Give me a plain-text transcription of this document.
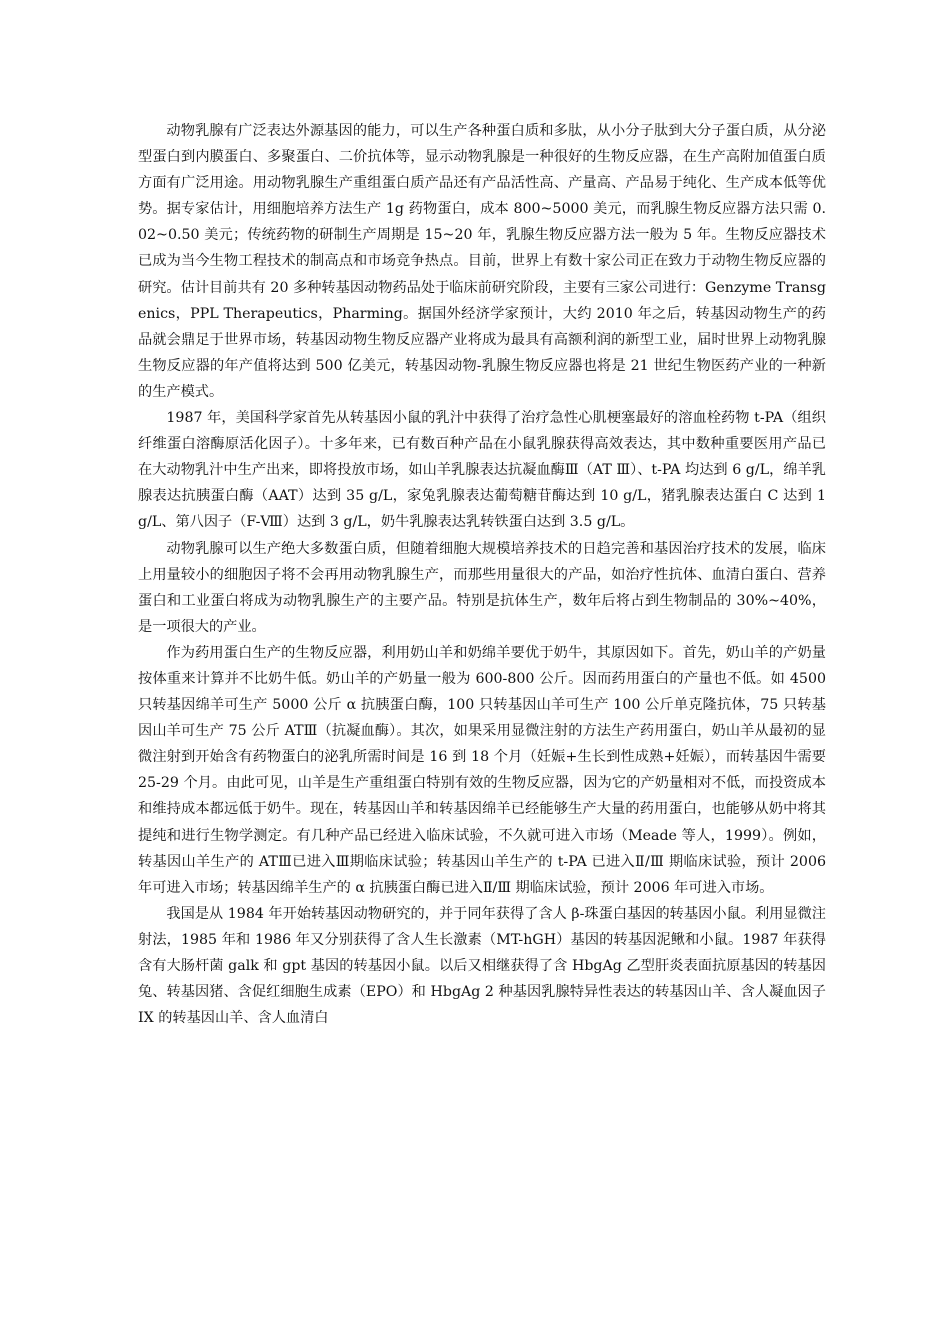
动物乳腺有广泛表达外源基因的能力，可以生产各种蛋白质和多肽，从小分子肽到大分子蛋白质，从分泌型蛋白到内膜蛋白、多聚蛋白、二价抗体等，显示动物乳腺是一种很好的生物反应器，在生产高附加值蛋白质方面有广泛用途。用动物乳腺生产重组蛋白质产品还有产品活性高、产量高、产品易于纯化、生产成本低等优势。据专家估计，用细胞培养方法生产 1g 药物蛋白，成本 800~5000 美元，而乳腺生物反应器方法只需 0.02~0.50 美元；传统药物的研制生产周期是 15~20 年，乳腺生物反应器方法一般为 5 年。生物反应器技术已成为当今生物工程技术的制高点和市场竞争热点。目前，世界上有数十家公司正在致力于动物生物反应器的研究。估计目前共有 20 多种转基因动物药品处于临床前研究阶段，主要有三家公司进行：Genzyme Transgenics，PPL Therapeutics，Pharming。据国外经济学家预计，大约 2010 年之后，转基因动物生产的药品就会鼎足于世界市场，转基因动物生物反应器产业将成为最具有高额利润的新型工业，届时世界上动物乳腺生物反应器的年产值将达到 500 亿美元，转基因动物-乳腺生物反应器也将是 21 世纪生物医药产业的一种新的生产模式。

1987 年，美国科学家首先从转基因小鼠的乳汁中获得了治疗急性心肌梗塞最好的溶血栓药物 t-PA（组织纤维蛋白溶酶原活化因子）。十多年来，已有数百种产品在小鼠乳腺获得高效表达，其中数种重要医用产品已在大动物乳汁中生产出来，即将投放市场，如山羊乳腺表达抗凝血酶Ⅲ（AT Ⅲ）、t-PA 均达到 6 g/L，绵羊乳腺表达抗胰蛋白酶（AAT）达到 35 g/L，家兔乳腺表达葡萄糖苷酶达到 10 g/L，猪乳腺表达蛋白 C 达到 1 g/L、第八因子（F-Ⅷ）达到 3 g/L，奶牛乳腺表达乳转铁蛋白达到 3.5 g/L。

动物乳腺可以生产绝大多数蛋白质，但随着细胞大规模培养技术的日趋完善和基因治疗技术的发展，临床上用量较小的细胞因子将不会再用动物乳腺生产，而那些用量很大的产品，如治疗性抗体、血清白蛋白、营养蛋白和工业蛋白将成为动物乳腺生产的主要产品。特别是抗体生产，数年后将占到生物制品的 30%~40%，是一项很大的产业。

作为药用蛋白生产的生物反应器，利用奶山羊和奶绵羊要优于奶牛，其原因如下。首先，奶山羊的产奶量按体重来计算并不比奶牛低。奶山羊的产奶量一般为 600-800 公斤。因而药用蛋白的产量也不低。如 4500 只转基因绵羊可生产 5000 公斤 α 抗胰蛋白酶，100 只转基因山羊可生产 100 公斤单克隆抗体，75 只转基因山羊可生产 75 公斤 ATⅢ（抗凝血酶）。其次，如果采用显微注射的方法生产药用蛋白，奶山羊从最初的显微注射到开始含有药物蛋白的泌乳所需时间是 16 到 18 个月（妊娠+生长到性成熟+妊娠），而转基因牛需要 25-29 个月。由此可见，山羊是生产重组蛋白特别有效的生物反应器，因为它的产奶量相对不低，而投资成本和维持成本都远低于奶牛。现在，转基因山羊和转基因绵羊已经能够生产大量的药用蛋白，也能够从奶中将其提纯和进行生物学测定。有几种产品已经进入临床试验，不久就可进入市场（Meade 等人，1999）。例如，转基因山羊生产的 ATⅢ已进入Ⅲ期临床试验；转基因山羊生产的 t-PA 已进入Ⅱ/Ⅲ 期临床试验，预计 2006 年可进入市场；转基因绵羊生产的 α 抗胰蛋白酶已进入Ⅱ/Ⅲ 期临床试验，预计 2006 年可进入市场。

我国是从 1984 年开始转基因动物研究的，并于同年获得了含人 β-珠蛋白基因的转基因小鼠。利用显微注射法，1985 年和 1986 年又分别获得了含人生长激素（MT-hGH）基因的转基因泥鳅和小鼠。1987 年获得含有大肠杆菌 galk 和 gpt 基因的转基因小鼠。以后又相继获得了含 HbgAg 乙型肝炎表面抗原基因的转基因兔、转基因猪、含促红细胞生成素（EPO）和 HbgAg 2 种基因乳腺特异性表达的转基因山羊、含人凝血因子 IX 的转基因山羊、含人血清白
